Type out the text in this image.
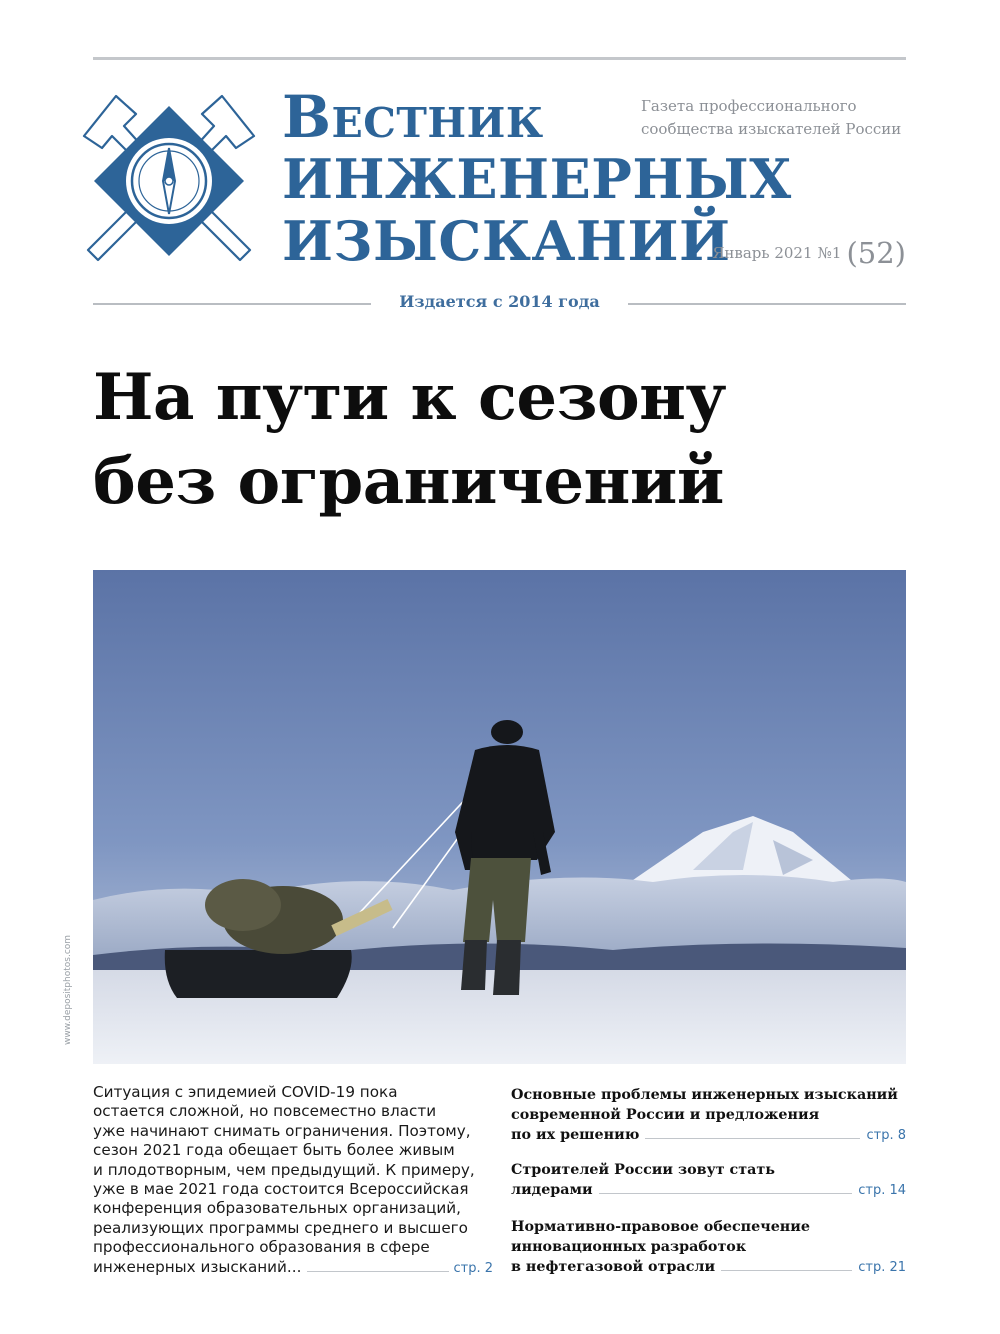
Вестник
ИНЖЕНЕРНЫХ
ИЗЫСКАНИЙ
Газета профессионального
сообщества изыскателей России
Январь 2021 №1 (52)
Издается с 2014 года
На пути к сезону
без ограничений
www.depositphotos.com
Ситуация с эпидемией COVID-19 пока
остается сложной, но повсеместно власти
уже начинают снимать ограничения. Поэтому,
сезон 2021 года обещает быть более живым
и плодотворным, чем предыдущий. К примеру,
уже в мае 2021 года состоится Всероссийская
конференция образовательных организаций,
реализующих программы среднего и высшего
профессионального образования в сфере
инженерных изысканий...	стр. 2
Основные проблемы инженерных изысканий
современной России и предложения
по их решению	стр. 8
Строителей России зовут стать
лидерами	стр. 14
Нормативно-правовое обеспечение
инновационных разработок
в нефтегазовой отрасли	стр. 21
